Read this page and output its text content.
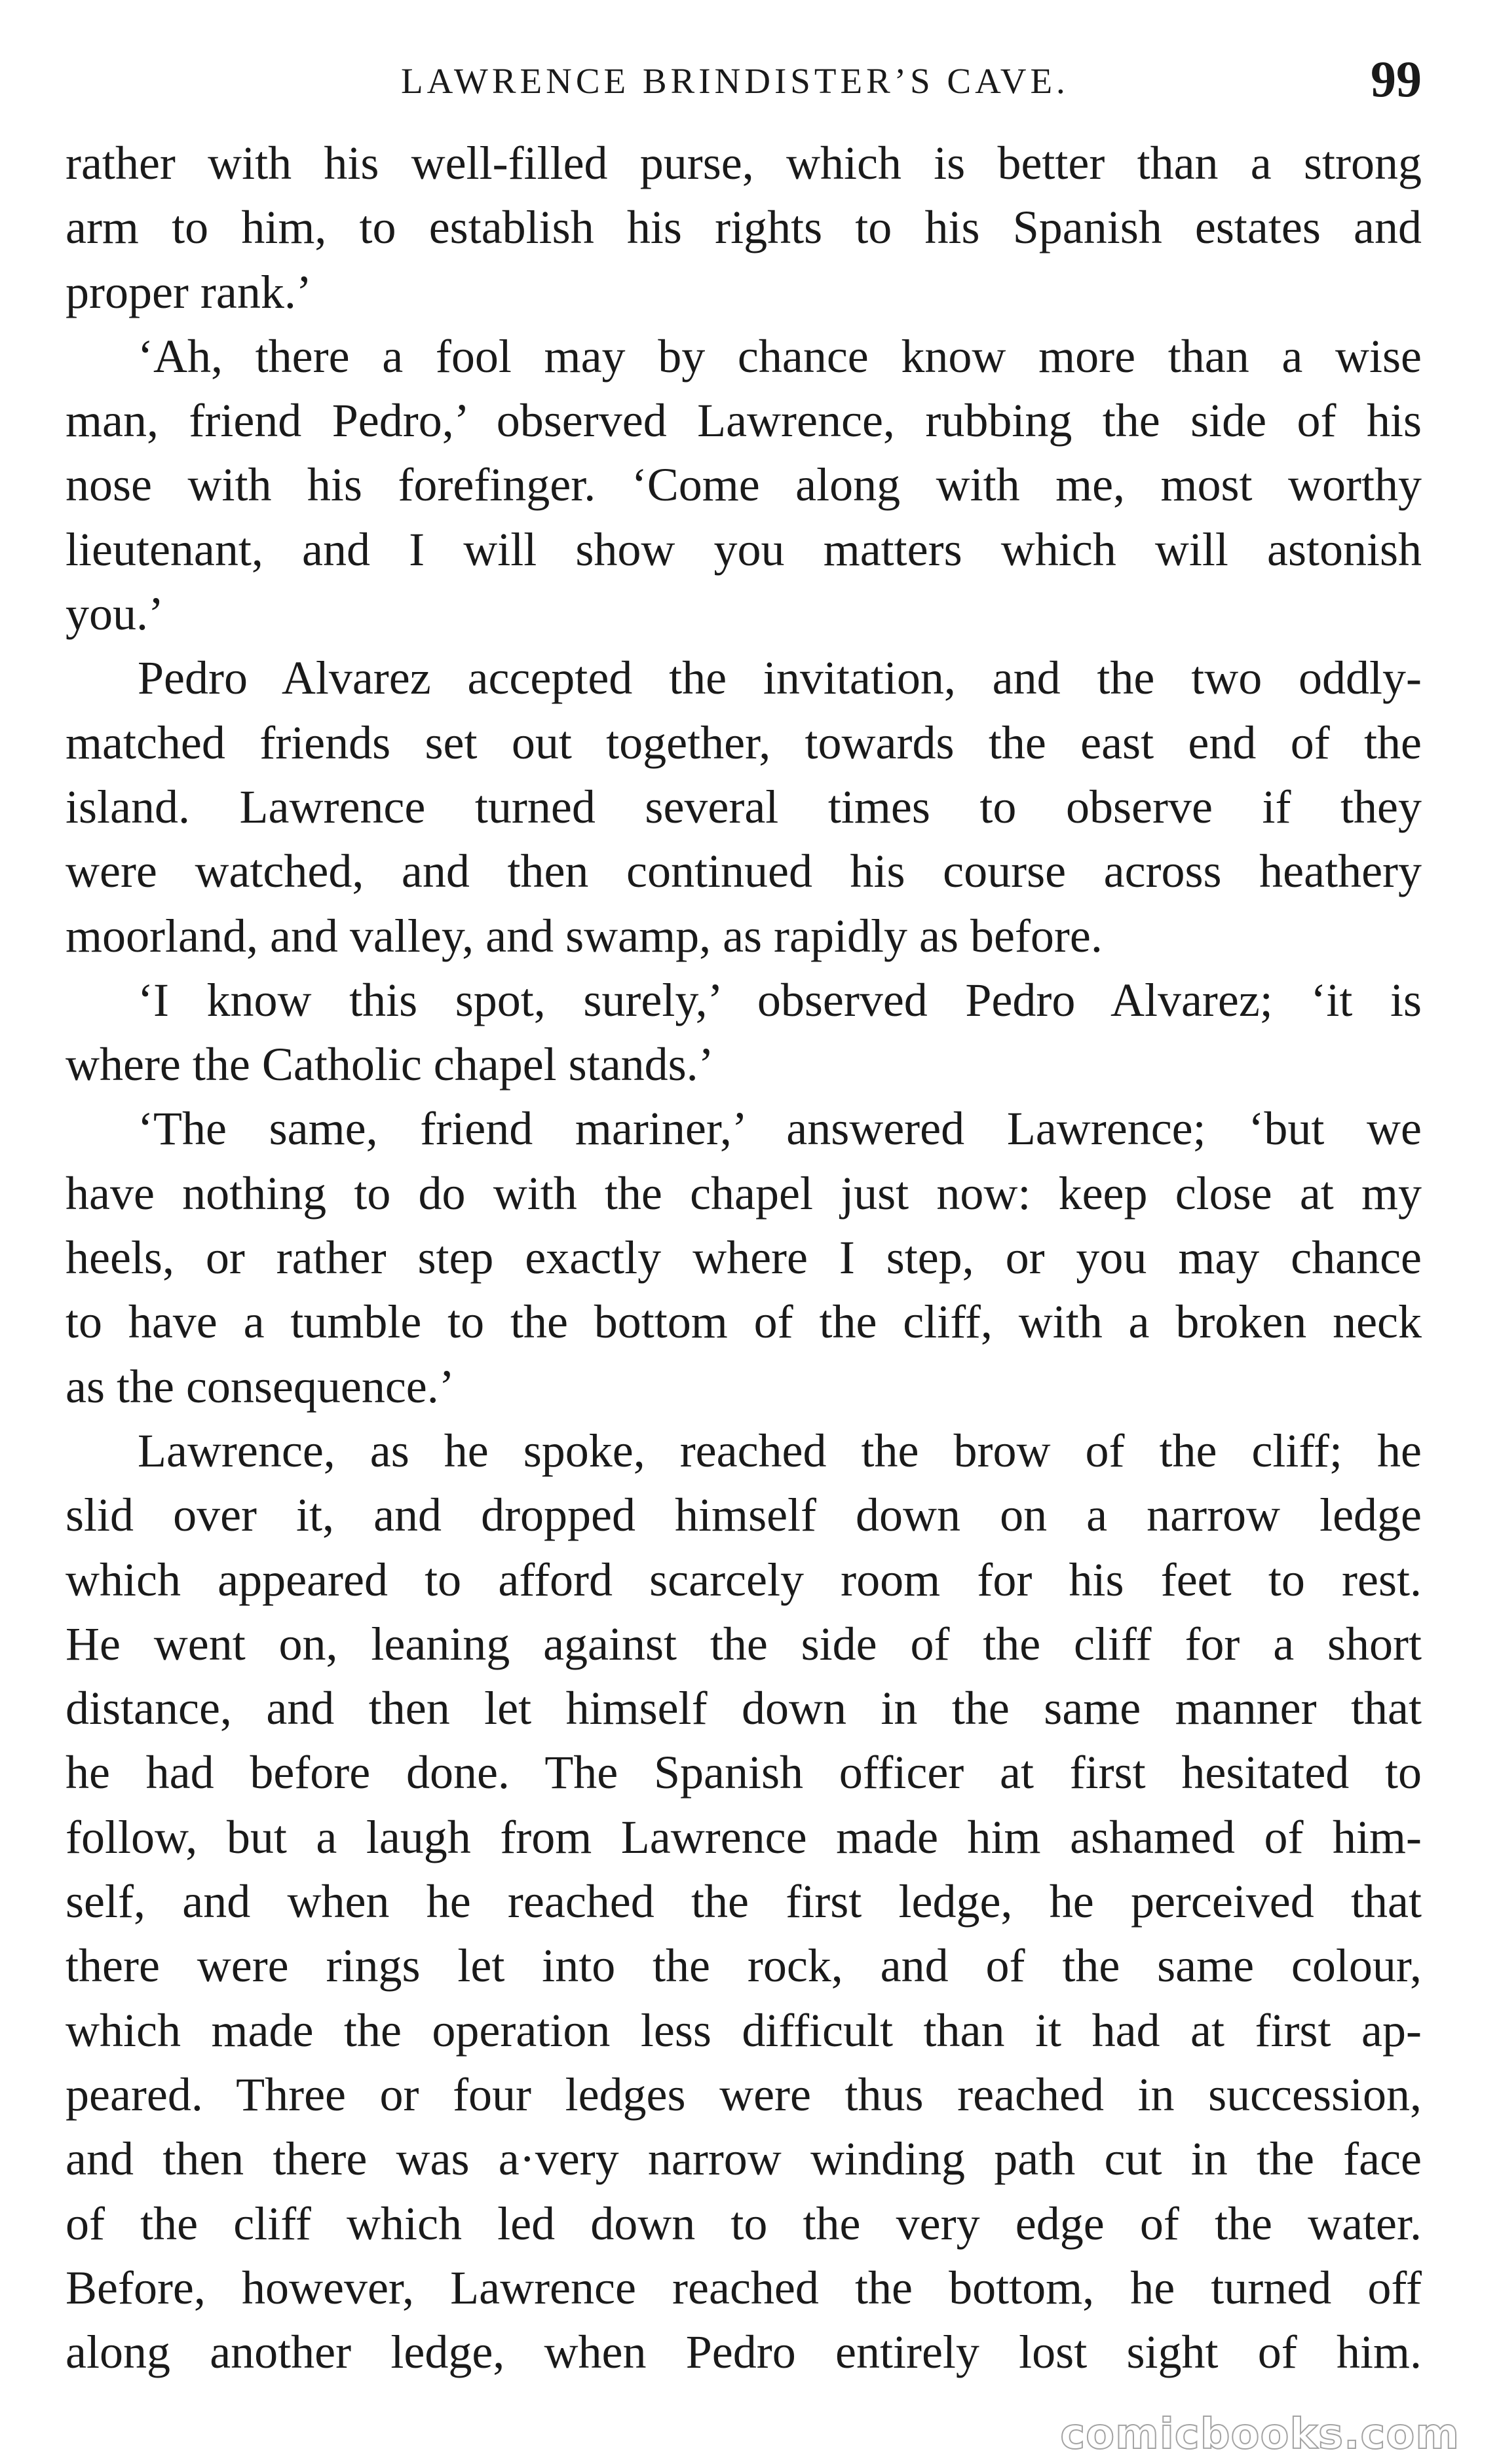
LAWRENCE BRINDISTER’S CAVE.	99
rather with his well-filled purse, which is better than a strong
arm to him, to establish his rights to his Spanish estates and
proper rank.’
‘Ah, there a fool may by chance know more than a wise
man, friend Pedro,’ observed Lawrence, rubbing the side of his
nose with his forefinger. ‘Come along with me, most worthy
lieutenant, and I will show you matters which will astonish
you.’
Pedro Alvarez accepted the invitation, and the two oddly-
matched friends set out together, towards the east end of the
island. Lawrence turned several times to observe if they
were watched, and then continued his course across heathery
moorland, and valley, and swamp, as rapidly as before.
‘I know this spot, surely,’ observed Pedro Alvarez; ‘it is
where the Catholic chapel stands.’
‘The same, friend mariner,’ answered Lawrence; ‘but we
have nothing to do with the chapel just now: keep close at my
heels, or rather step exactly where I step, or you may chance
to have a tumble to the bottom of the cliff, with a broken neck
as the consequence.’
Lawrence, as he spoke, reached the brow of the cliff; he
slid over it, and dropped himself down on a narrow ledge
which appeared to afford scarcely room for his feet to rest.
He went on, leaning against the side of the cliff for a short
distance, and then let himself down in the same manner that
he had before done. The Spanish officer at first hesitated to
follow, but a laugh from Lawrence made him ashamed of him-
self, and when he reached the first ledge, he perceived that
there were rings let into the rock, and of the same colour,
which made the operation less difficult than it had at first ap-
peared. Three or four ledges were thus reached in succession,
and then there was a·very narrow winding path cut in the face
of the cliff which led down to the very edge of the water.
Before, however, Lawrence reached the bottom, he turned off
along another ledge, when Pedro entirely lost sight of him.
comicbooks.com
